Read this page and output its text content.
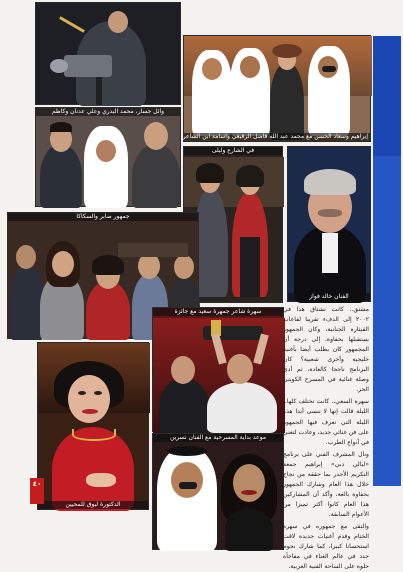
إبراهيم وسعاد الحسن مع محمد عبد الله فاضل الرقيعي واسامة ابن الشاعر
وائل جسار، محمد البدري وعلي عدنان وكاظم
في الشارع وليلى
الفنان خالد فواز
جمهور صابر والسكاكا
سهرة شاعر جمهرة سعيد مع جائزة
الدكتورة لبوق للمحيين
موعد بداية المسرحية مع الفنان نسرين

مشتق.. كانت تشتاق هذا في ٢٠٠٢ إلى الدفء تقريبا لفاعاب القيثارة الجنانية، وكان الجمهور يستقبلها بحفاوة. إلى درجة أن المجمهور كان يطلب أيضا بأغنية خليجية وأخرى شعبية؟ كان البرنامج ناجحا كالعادة، ثم أدى وصلة غنائية في المسرح الكويتي الحر.

سهرة السعي.. كانت تختلف كلها.. الليلة قالت إنها لا تنسى أبدا هذه الليلة التي تعرف فيها الجمهور على فن غنائي جديد، وعادت لتغني في أنواع الطرب.

ونال المشرف الفني على برنامج «ليالي دبي» إبراهيم جمعة التكريم الأجدر بما حققه من نجاح خلال هذا العام وشارك الجمهور بحفاوة بالغة، وأكد أن المشاركين هذا العام كانوا أكثر تميزا من الأعوام السابقة.

والتقى مع جمهوره في سهرة الختام وقدم أغنيات جديدة لاقت استحسانا كبيرا، كما شارك نجوم جدد في عالم الغناء في مفاجأة حلوة على الساحة الفنية العربية.

٤٠
